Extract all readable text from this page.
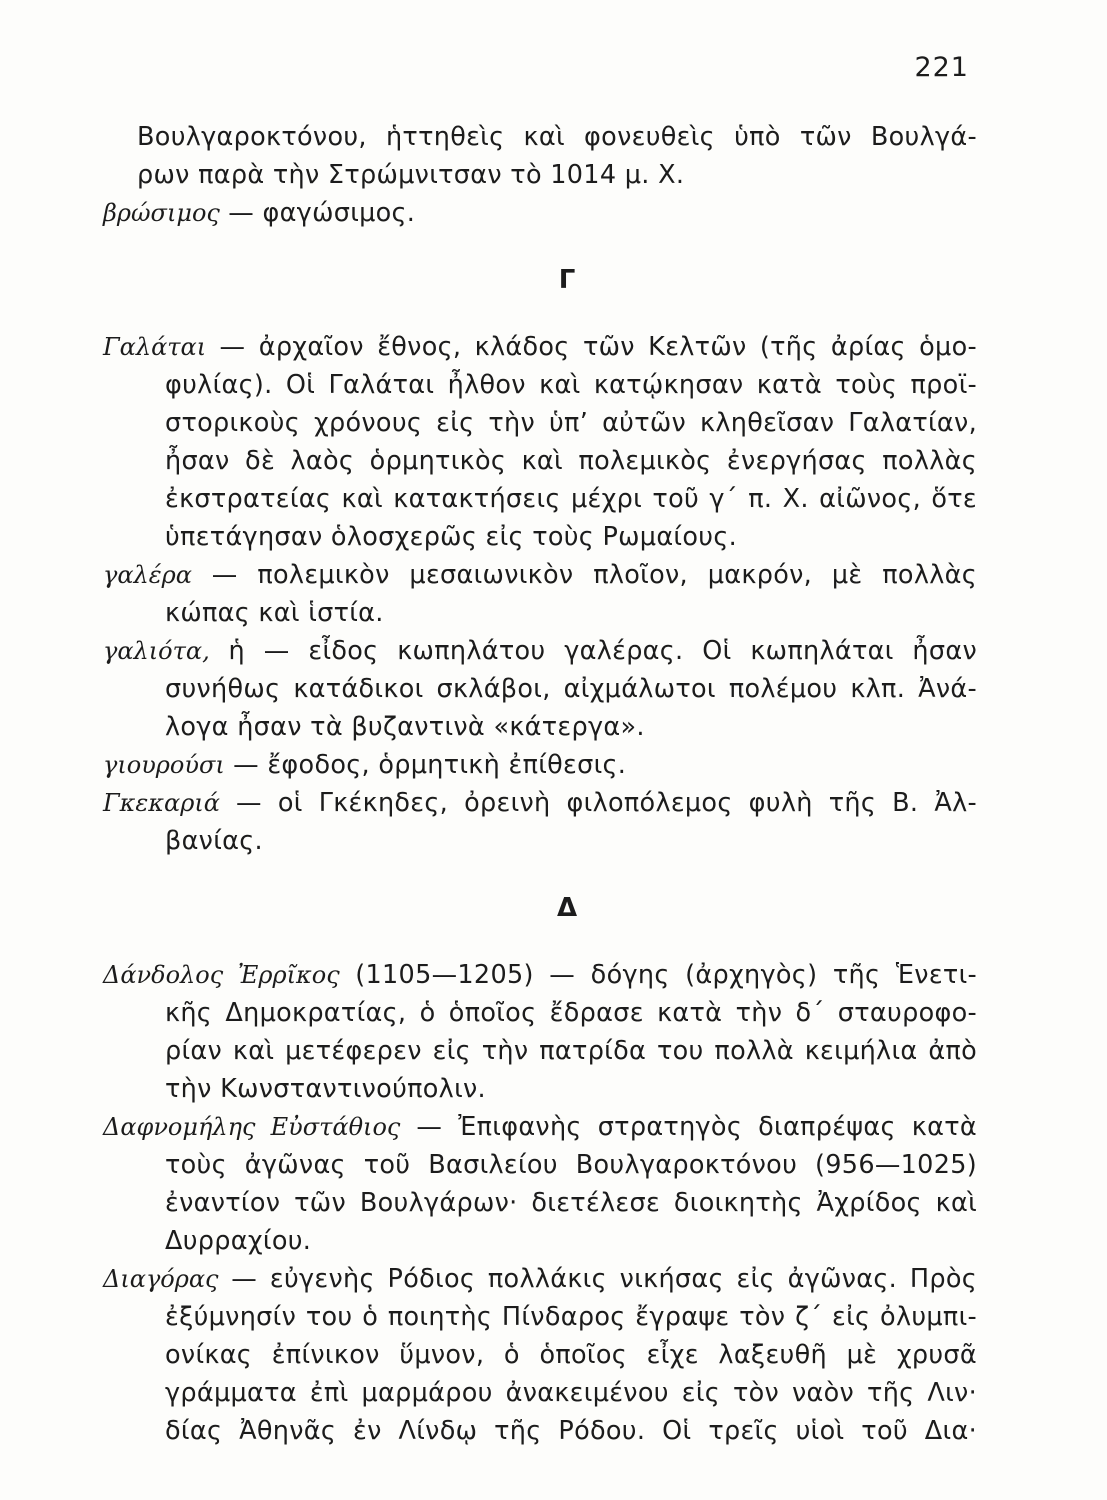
221
Βουλγαροκτόνου, ἡττηθεὶς καὶ φονευθεὶς ὑπὸ τῶν Βουλγά-
ρων παρὰ τὴν Στρώμνιτσαν τὸ 1014 μ. Χ.
βρώσιμος — φαγώσιμος.
Γ
Γαλάται — ἀρχαῖον ἔθνος, κλάδος τῶν Κελτῶν (τῆς ἀρίας ὁμο-
φυλίας). Οἱ Γαλάται ἦλθον καὶ κατῴκησαν κατὰ τοὺς προϊ-
στορικοὺς χρόνους εἰς τὴν ὑπ’ αὐτῶν κληθεῖσαν Γαλατίαν,
ἦσαν δὲ λαὸς ὁρμητικὸς καὶ πολεμικὸς ἐνεργήσας πολλὰς
ἐκστρατείας καὶ κατακτήσεις μέχρι τοῦ γ΄ π. Χ. αἰῶνος, ὅτε
ὑπετάγησαν ὁλοσχερῶς εἰς τοὺς Ρωμαίους.
γαλέρα — πολεμικὸν μεσαιωνικὸν πλοῖον, μακρόν, μὲ πολλὰς
κώπας καὶ ἱστία.
γαλιότα, ἡ — εἶδος κωπηλάτου γαλέρας. Οἱ κωπηλάται ἦσαν
συνήθως κατάδικοι σκλάβοι, αἰχμάλωτοι πολέμου κλπ. Ἀνά-
λογα ἦσαν τὰ βυζαντινὰ «κάτεργα».
γιουρούσι — ἔφοδος, ὁρμητικὴ ἐπίθεσις.
Γκεκαριά — οἱ Γκέκηδες, ὀρεινὴ φιλοπόλεμος φυλὴ τῆς Β. Ἀλ-
βανίας.
Δ
Δάνδολος Ἐρρῖκος (1105—1205) — δόγης (ἀρχηγὸς) τῆς Ἑνετι-
κῆς Δημοκρατίας, ὁ ὁποῖος ἔδρασε κατὰ τὴν δ΄ σταυροφο-
ρίαν καὶ μετέφερεν εἰς τὴν πατρίδα του πολλὰ κειμήλια ἀπὸ
τὴν Κωνσταντινούπολιν.
Δαφνομήλης Εὐστάθιος — Ἐπιφανὴς στρατηγὸς διαπρέψας κατὰ
τοὺς ἀγῶνας τοῦ Βασιλείου Βουλγαροκτόνου (956—1025)
ἐναντίον τῶν Βουλγάρων· διετέλεσε διοικητὴς Ἀχρίδος καὶ
Δυρραχίου.
Διαγόρας — εὐγενὴς Ρόδιος πολλάκις νικήσας εἰς ἀγῶνας. Πρὸς
ἐξύμνησίν του ὁ ποιητὴς Πίνδαρος ἔγραψε τὸν ζ΄ εἰς ὀλυμπι-
ονίκας ἐπίνικον ὕμνον, ὁ ὁποῖος εἶχε λαξευθῆ μὲ χρυσᾶ
γράμματα ἐπὶ μαρμάρου ἀνακειμένου εἰς τὸν ναὸν τῆς Λιν·
δίας Ἀθηνᾶς ἐν Λίνδῳ τῆς Ρόδου. Οἱ τρεῖς υἱοὶ τοῦ Δια·
